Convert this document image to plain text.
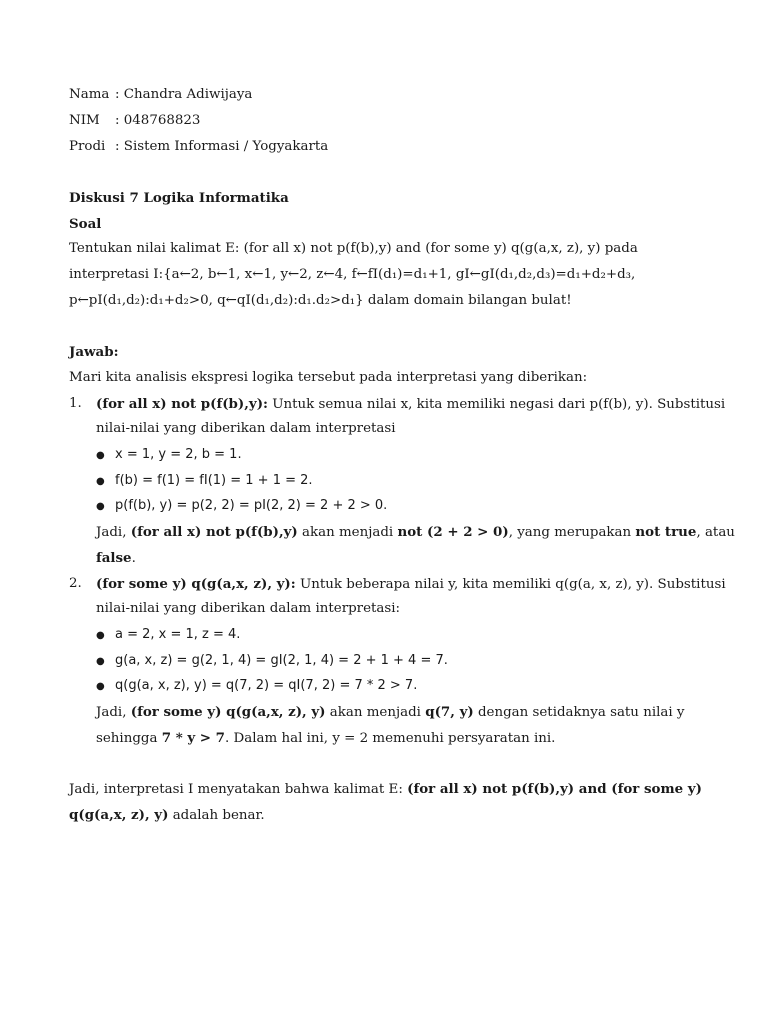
Nama : Chandra Adiwijaya
NIM : 048768823
Prodi : Sistem Informasi / Yogyakarta
Diskusi 7 Logika Informatika
Soal
Tentukan nilai kalimat E: (for all x) not p(f(b),y) and (for some y) q(g(a,x, z), y) pada
interpretasi I:{a←2, b←1, x←1, y←2, z←4, f←fI(d₁)=d₁+1, gI←gI(d₁,d₂,d₃)=d₁+d₂+d₃,
p←pI(d₁,d₂):d₁+d₂>0, q←qI(d₁,d₂):d₁.d₂>d₁} dalam domain bilangan bulat!
Jawab:
Mari kita analisis ekspresi logika tersebut pada interpretasi yang diberikan:
1. (for all x) not p(f(b),y): Untuk semua nilai x, kita memiliki negasi dari p(f(b), y). Substitusi
nilai-nilai yang diberikan dalam interpretasi
● x = 1, y = 2, b = 1.
● f(b) = f(1) = fI(1) = 1 + 1 = 2.
● p(f(b), y) = p(2, 2) = pI(2, 2) = 2 + 2 > 0.
Jadi, (for all x) not p(f(b),y) akan menjadi not (2 + 2 > 0), yang merupakan not true, atau
false.
2. (for some y) q(g(a,x, z), y): Untuk beberapa nilai y, kita memiliki q(g(a, x, z), y). Substitusi
nilai-nilai yang diberikan dalam interpretasi:
● a = 2, x = 1, z = 4.
● g(a, x, z) = g(2, 1, 4) = gI(2, 1, 4) = 2 + 1 + 4 = 7.
● q(g(a, x, z), y) = q(7, 2) = qI(7, 2) = 7 * 2 > 7.
Jadi, (for some y) q(g(a,x, z), y) akan menjadi q(7, y) dengan setidaknya satu nilai y
sehingga 7 * y > 7. Dalam hal ini, y = 2 memenuhi persyaratan ini.
Jadi, interpretasi I menyatakan bahwa kalimat E: (for all x) not p(f(b),y) and (for some y)
q(g(a,x, z), y) adalah benar.
